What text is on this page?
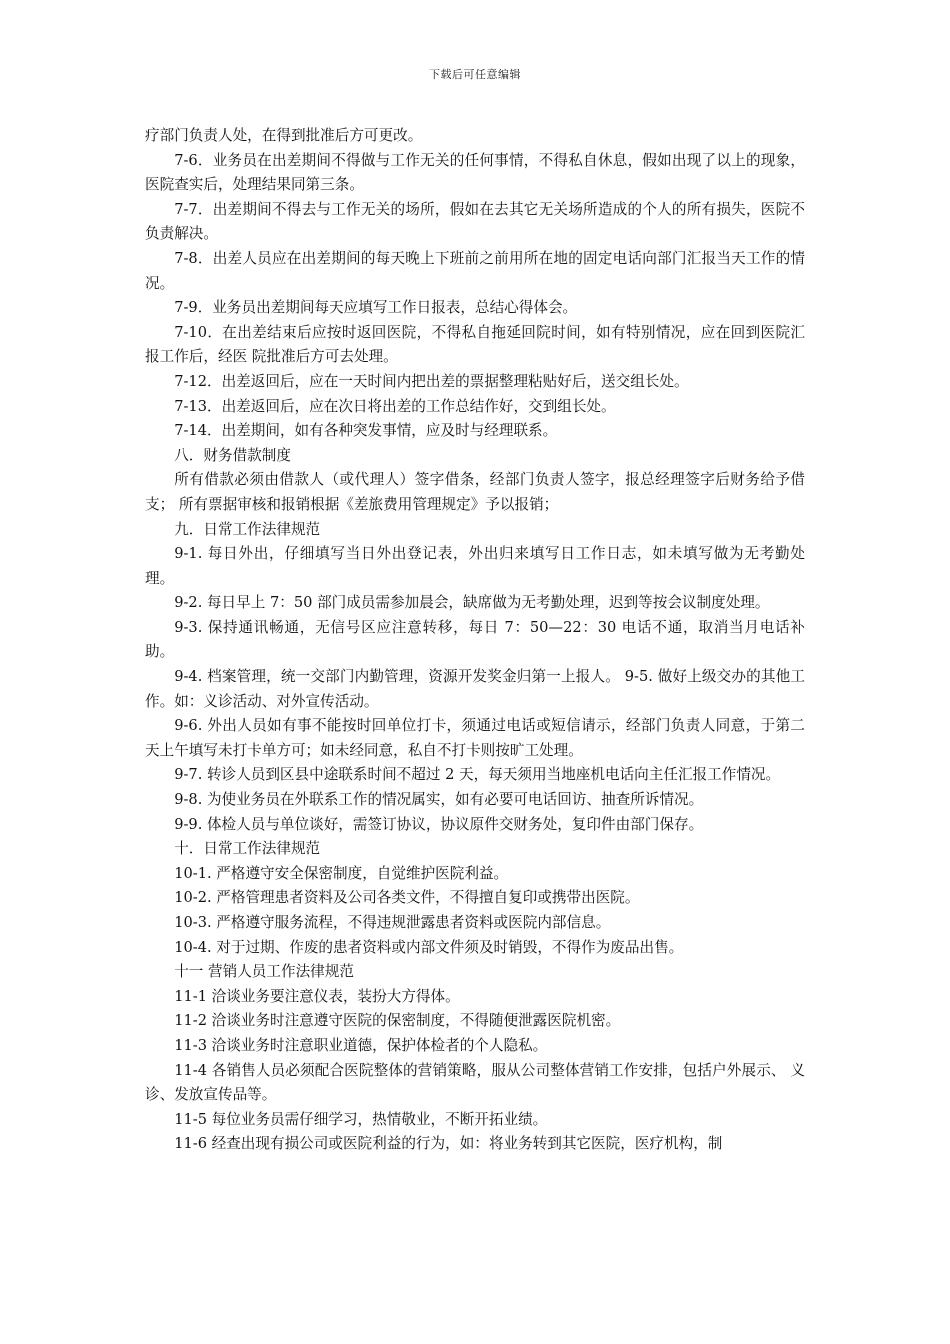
下载后可任意编辑

疗部门负责人处，在得到批准后方可更改。

7-6．业务员在出差期间不得做与工作无关的任何事情，不得私自休息，假如出现了以上的现象，医院查实后，处理结果同第三条。

7-7．出差期间不得去与工作无关的场所，假如在去其它无关场所造成的个人的所有损失，医院不负责解决。

7-8．出差人员应在出差期间的每天晚上下班前之前用所在地的固定电话向部门汇报当天工作的情况。

7-9．业务员出差期间每天应填写工作日报表，总结心得体会。

7-10．在出差结束后应按时返回医院，不得私自拖延回院时间，如有特别情况，应在回到医院汇报工作后，经医 院批准后方可去处理。

7-12．出差返回后，应在一天时间内把出差的票据整理粘贴好后，送交组长处。

7-13．出差返回后，应在次日将出差的工作总结作好，交到组长处。

7-14．出差期间，如有各种突发事情，应及时与经理联系。

八．财务借款制度

所有借款必须由借款人（或代理人）签字借条，经部门负责人签字，报总经理签字后财务给予借支； 所有票据审核和报销根据《差旅费用管理规定》予以报销；

九．日常工作法律规范

9-1. 每日外出，仔细填写当日外出登记表，外出归来填写日工作日志，如未填写做为无考勤处理。

9-2. 每日早上 7：50 部门成员需参加晨会，缺席做为无考勤处理，迟到等按会议制度处理。

9-3. 保持通讯畅通，无信号区应注意转移，每日 7：50—22：30 电话不通，取消当月电话补助。

9-4. 档案管理，统一交部门内勤管理，资源开发奖金归第一上报人。 9-5. 做好上级交办的其他工作。如：义诊活动、对外宣传活动。

9-6. 外出人员如有事不能按时回单位打卡，须通过电话或短信请示，经部门负责人同意，于第二天上午填写未打卡单方可；如未经同意，私自不打卡则按旷工处理。

9-7. 转诊人员到区县中途联系时间不超过 2 天，每天须用当地座机电话向主任汇报工作情况。

9-8. 为使业务员在外联系工作的情况属实，如有必要可电话回访、抽查所诉情况。

9-9. 体检人员与单位谈好，需签订协议，协议原件交财务处，复印件由部门保存。

十．日常工作法律规范

10-1. 严格遵守安全保密制度，自觉维护医院利益。

10-2. 严格管理患者资料及公司各类文件，不得擅自复印或携带出医院。

10-3. 严格遵守服务流程，不得违规泄露患者资料或医院内部信息。

10-4. 对于过期、作废的患者资料或内部文件须及时销毁，不得作为废品出售。

十一 营销人员工作法律规范

11-1 洽谈业务要注意仪表，装扮大方得体。

11-2 洽谈业务时注意遵守医院的保密制度，不得随便泄露医院机密。

11-3 洽谈业务时注意职业道德，保护体检者的个人隐私。

11-4 各销售人员必须配合医院整体的营销策略，服从公司整体营销工作安排，包括户外展示、 义诊、发放宣传品等。

11-5 每位业务员需仔细学习，热情敬业，不断开拓业绩。

11-6 经查出现有损公司或医院利益的行为，如：将业务转到其它医院，医疗机构，制
